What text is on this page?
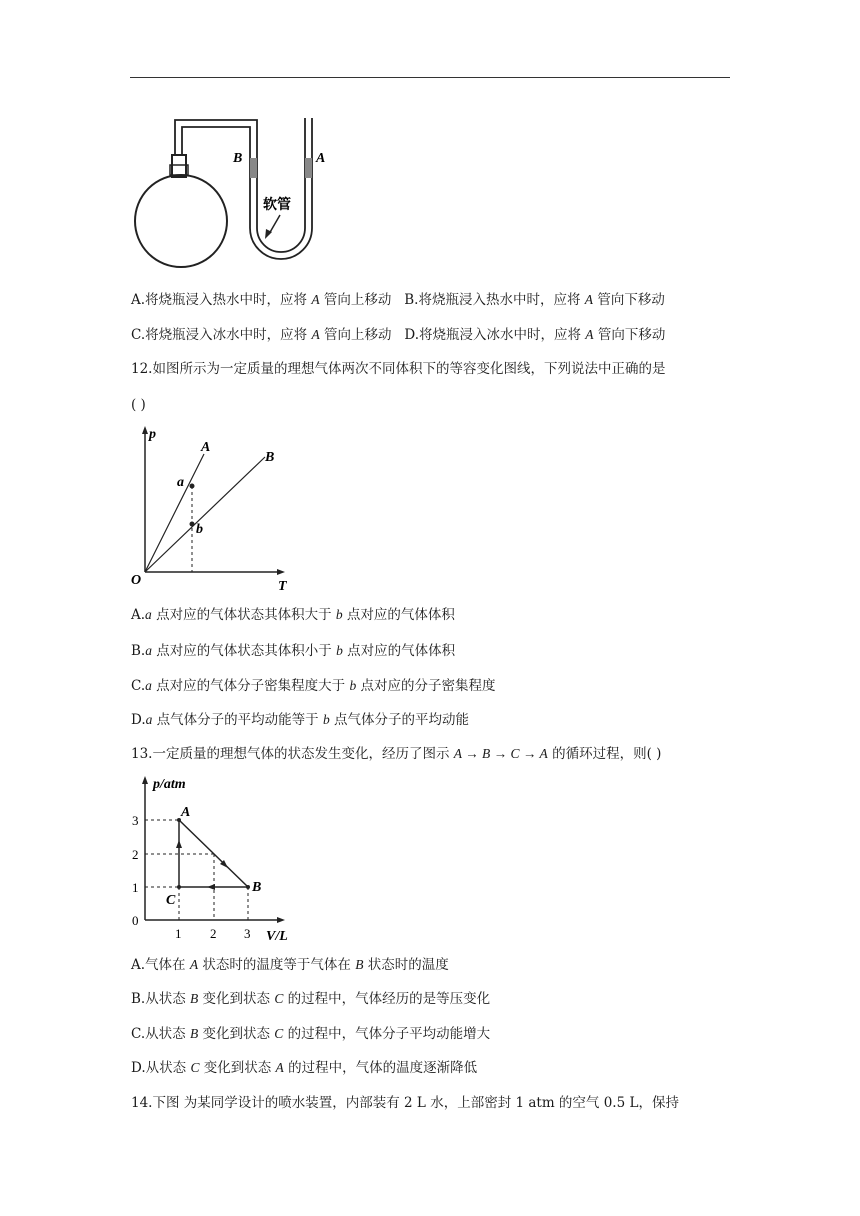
B	A
软管
A.将烧瓶浸入热水中时，应将 A 管向上移动 B.将烧瓶浸入热水中时，应将 A 管向下移动
C.将烧瓶浸入冰水中时，应将 A 管向上移动 D.将烧瓶浸入冰水中时，应将 A 管向下移动
12.如图所示为一定质量的理想气体两次不同体积下的等容变化图线，下列说法中正确的是
( )
p
T
O
A
B
a
b
A.a 点对应的气体状态其体积大于 b 点对应的气体体积
B.a 点对应的气体状态其体积小于 b 点对应的气体体积
C.a 点对应的气体分子密集程度大于 b 点对应的分子密集程度
D.a 点气体分子的平均动能等于 b 点气体分子的平均动能
13.一定质量的理想气体的状态发生变化，经历了图示 A → B → C → A 的循环过程，则( )
p/atm
V/L
3
2
1
0
1 2 3
A
B
C
A.气体在 A 状态时的温度等于气体在 B 状态时的温度
B.从状态 B 变化到状态 C 的过程中，气体经历的是等压变化
C.从状态 B 变化到状态 C 的过程中，气体分子平均动能增大
D.从状态 C 变化到状态 A 的过程中，气体的温度逐渐降低
14.下图 为某同学设计的喷水装置，内部装有 2 L 水，上部密封 1 atm 的空气 0.5 L，保持
